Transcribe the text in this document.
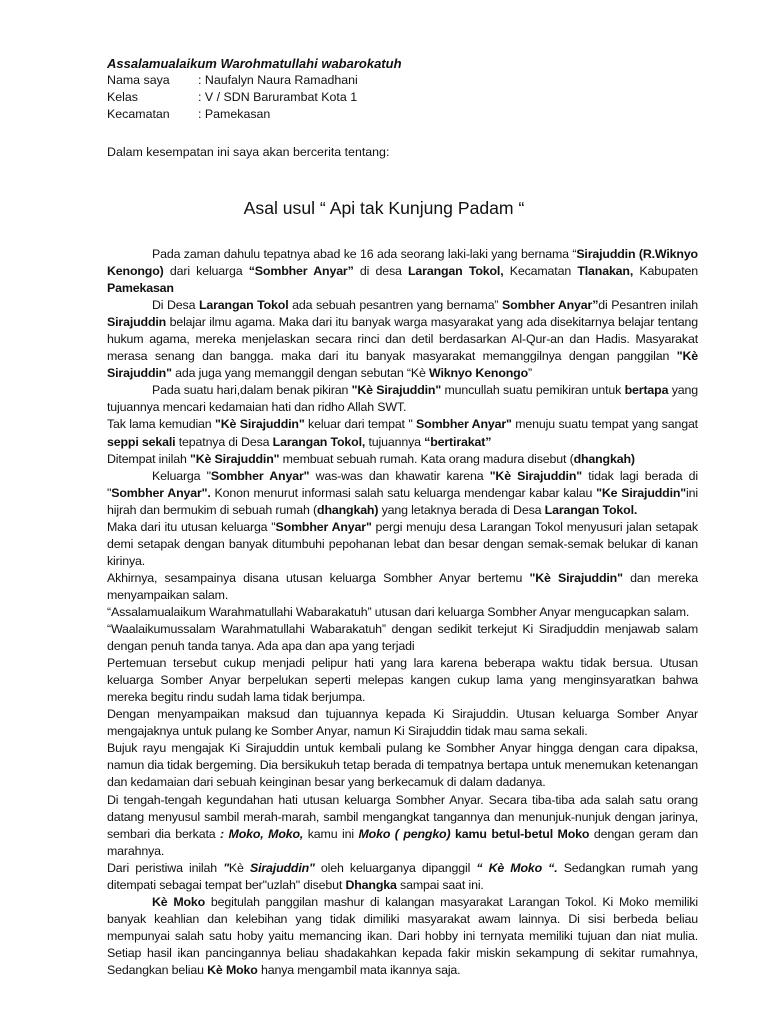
Assalamualaikum Warohmatullahi wabarokatuh
Nama saya	: Naufalyn Naura Ramadhani
Kelas	: V / SDN Barurambat Kota 1
Kecamatan	: Pamekasan
Dalam kesempatan ini saya akan bercerita tentang:
Asal usul “ Api tak Kunjung Padam “

Pada zaman dahulu tepatnya abad ke 16 ada seorang laki-laki yang bernama “Sirajuddin (R.Wiknyo Kenongo) dari keluarga “Sombher Anyar” di desa Larangan Tokol, Kecamatan Tlanakan, Kabupaten Pamekasan

Di Desa Larangan Tokol ada sebuah pesantren yang bernama” Sombher Anyar”di Pesantren inilah Sirajuddin belajar ilmu agama. Maka dari itu banyak warga masyarakat yang ada disekitarnya belajar tentang hukum agama, mereka menjelaskan secara rinci dan detil berdasarkan Al-Qur-an dan Hadis. Masyarakat merasa senang dan bangga. maka dari itu banyak masyarakat memanggilnya dengan panggilan "Kè Sirajuddin" ada juga yang memanggil dengan sebutan “Kè Wiknyo Kenongo”

Pada suatu hari,dalam benak pikiran "Kè Sirajuddin" muncullah suatu pemikiran untuk bertapa yang tujuannya mencari kedamaian hati dan ridho Allah SWT.

Tak lama kemudian "Kè Sirajuddin" keluar dari tempat " Sombher Anyar" menuju suatu tempat yang sangat seppi sekali tepatnya di Desa Larangan Tokol, tujuannya “bertirakat”

Ditempat inilah "Kè Sirajuddin" membuat sebuah rumah. Kata orang madura disebut (dhangkah)

Keluarga "Sombher Anyar" was-was dan khawatir karena "Kè Sirajuddin" tidak lagi berada di "Sombher Anyar". Konon menurut informasi salah satu keluarga mendengar kabar kalau "Ke Sirajuddin"ini hijrah dan bermukim di sebuah rumah (dhangkah) yang letaknya berada di Desa Larangan Tokol.

Maka dari itu utusan keluarga "Sombher Anyar" pergi menuju desa Larangan Tokol menyusuri jalan setapak demi setapak dengan banyak ditumbuhi pepohanan lebat dan besar dengan semak-semak belukar di kanan kirinya.

Akhirnya, sesampainya disana utusan keluarga Sombher Anyar bertemu "Kè Sirajuddin" dan mereka menyampaikan salam.

“Assalamualaikum Warahmatullahi Wabarakatuh” utusan dari keluarga Sombher Anyar mengucapkan salam.

“Waalaikumussalam Warahmatullahi Wabarakatuh” dengan sedikit terkejut Ki Siradjuddin menjawab salam dengan penuh tanda tanya. Ada apa dan apa yang terjadi

Pertemuan tersebut cukup menjadi pelipur hati yang lara karena beberapa waktu tidak bersua. Utusan keluarga Somber Anyar berpelukan seperti melepas kangen cukup lama yang menginsyaratkan bahwa mereka begitu rindu sudah lama tidak berjumpa.

Dengan menyampaikan maksud dan tujuannya kepada Ki Sirajuddin. Utusan keluarga Somber Anyar mengajaknya untuk pulang ke Somber Anyar, namun Ki Sirajuddin tidak mau sama sekali.

Bujuk rayu mengajak Ki Sirajuddin untuk kembali pulang ke Sombher Anyar hingga dengan cara dipaksa, namun dia tidak bergeming. Dia bersikukuh tetap berada di tempatnya bertapa untuk menemukan ketenangan dan kedamaian dari sebuah keinginan besar yang berkecamuk di dalam dadanya.

Di tengah-tengah kegundahan hati utusan keluarga Sombher Anyar. Secara tiba-tiba ada salah satu orang datang menyusul sambil merah-marah, sambil mengangkat tangannya dan menunjuk-nunjuk dengan jarinya, sembari dia berkata : Moko, Moko, kamu ini Moko ( pengko) kamu betul-betul Moko dengan geram dan marahnya.

Dari peristiwa inilah "Kè Sirajuddin" oleh keluarganya dipanggil “ Kè Moko “. Sedangkan rumah yang ditempati sebagai tempat ber"uzlah" disebut Dhangka sampai saat ini.

Kè Moko begitulah panggilan mashur di kalangan masyarakat Larangan Tokol. Ki Moko memiliki banyak keahlian dan kelebihan yang tidak dimiliki masyarakat awam lainnya. Di sisi berbeda beliau mempunyai salah satu hoby yaitu memancing ikan. Dari hobby ini ternyata memiliki tujuan dan niat mulia. Setiap hasil ikan pancingannya beliau shadakahkan kepada fakir miskin sekampung di sekitar rumahnya, Sedangkan beliau Kè Moko hanya mengambil mata ikannya saja.
